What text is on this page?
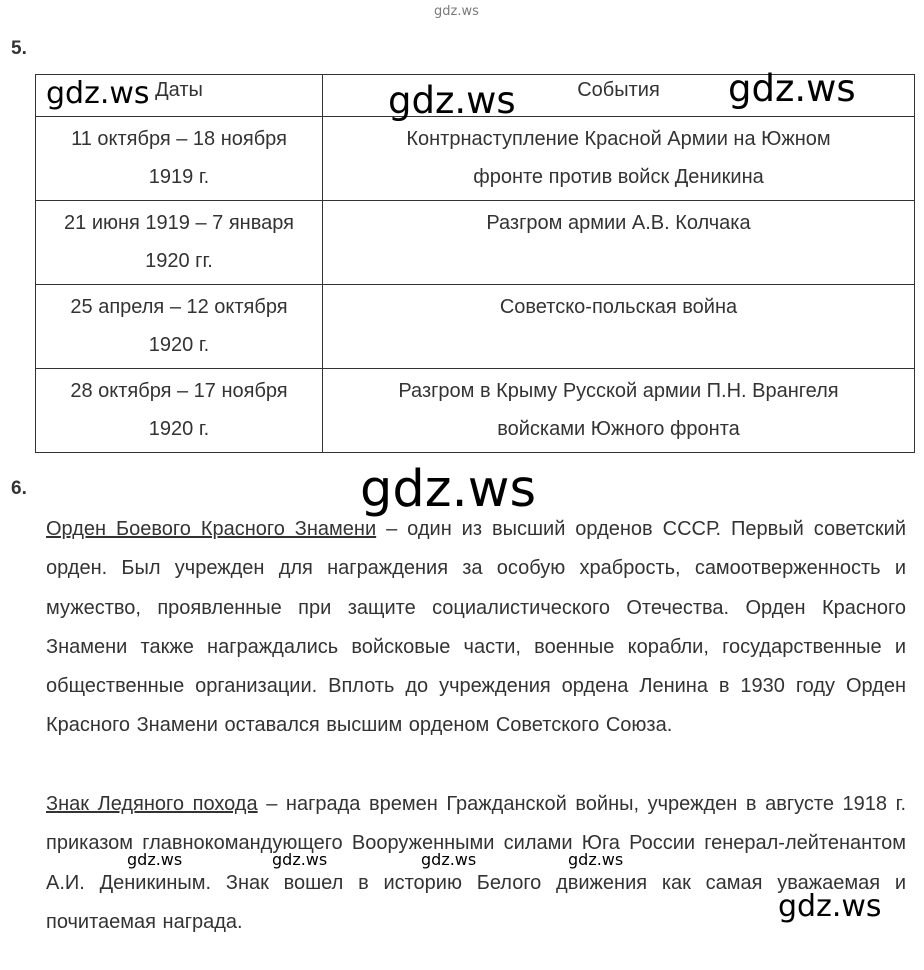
5.
Даты	События
11 октября – 18 ноября
1919 г.	Контрнаступление Красной Армии на Южном
фронте против войск Деникина
21 июня 1919 – 7 января
1920 гг.	Разгром армии А.В. Колчака
25 апреля – 12 октября
1920 г.	Советско-польская война
28 октября – 17 ноября
1920 г.	Разгром в Крыму Русской армии П.Н. Врангеля
войсками Южного фронта
6.
Орден Боевого Красного Знамени – один из высший орденов СССР. Первый советский орден. Был учрежден для награждения за особую храбрость, самоотверженность и мужество, проявленные при защите социалистического Отечества. Орден Красного Знамени также награждались войсковые части, военные корабли, государственные и общественные организации. Вплоть до учреждения ордена Ленина в 1930 году Орден Красного Знамени оставался высшим орденом Советского Союза.
Знак Ледяного похода – награда времен Гражданской войны, учрежден в августе 1918 г. приказом главнокомандующего Вооруженными силами Юга России генерал-лейтенантом А.И. Деникиным. Знак вошел в историю Белого движения как самая уважаемая и почитаемая награда.
gdz.ws
gdz.ws	gdz.ws	gdz.ws
gdz.ws
gdz.ws	gdz.ws	gdz.ws	gdz.ws
gdz.ws
